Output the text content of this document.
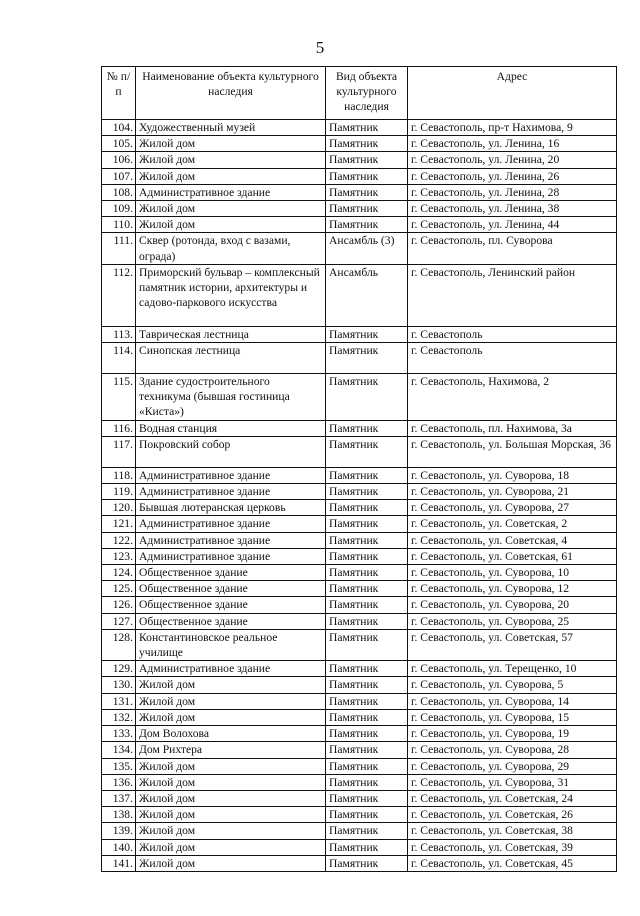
5
№ п/п	Наименование объекта культурного наследия	Вид объекта культурного наследия	Адрес
104.	Художественный музей	Памятник	г. Севастополь, пр-т Нахимова, 9
105.	Жилой дом	Памятник	г. Севастополь, ул. Ленина, 16
106.	Жилой дом	Памятник	г. Севастополь, ул. Ленина, 20
107.	Жилой дом	Памятник	г. Севастополь, ул. Ленина, 26
108.	Административное здание	Памятник	г. Севастополь, ул. Ленина, 28
109.	Жилой дом	Памятник	г. Севастополь, ул. Ленина, 38
110.	Жилой дом	Памятник	г. Севастополь, ул. Ленина, 44
111.	Сквер (ротонда, вход с вазами, ограда)	Ансамбль (3)	г. Севастополь, пл. Суворова
112.	Приморский бульвар – комплексный памятник истории, архитектуры и садово-паркового искусства	Ансамбль	г. Севастополь, Ленинский район
113.	Таврическая лестница	Памятник	г. Севастополь
114.	Синопская лестница	Памятник	г. Севастополь
115.	Здание судостроительного техникума (бывшая гостиница «Киста»)	Памятник	г. Севастополь, Нахимова, 2
116.	Водная станция	Памятник	г. Севастополь, пл. Нахимова, 3а
117.	Покровский собор	Памятник	г. Севастополь, ул. Большая Морская, 36
118.	Административное здание	Памятник	г. Севастополь, ул. Суворова, 18
119.	Административное здание	Памятник	г. Севастополь, ул. Суворова, 21
120.	Бывшая лютеранская церковь	Памятник	г. Севастополь, ул. Суворова, 27
121.	Административное здание	Памятник	г. Севастополь, ул. Советская, 2
122.	Административное здание	Памятник	г. Севастополь, ул. Советская, 4
123.	Административное здание	Памятник	г. Севастополь, ул. Советская, 61
124.	Общественное здание	Памятник	г. Севастополь, ул. Суворова, 10
125.	Общественное здание	Памятник	г. Севастополь, ул. Суворова, 12
126.	Общественное здание	Памятник	г. Севастополь, ул. Суворова, 20
127.	Общественное здание	Памятник	г. Севастополь, ул. Суворова, 25
128.	Константиновское реальное училище	Памятник	г. Севастополь, ул. Советская, 57
129.	Административное здание	Памятник	г. Севастополь, ул. Терещенко, 10
130.	Жилой дом	Памятник	г. Севастополь, ул. Суворова, 5
131.	Жилой дом	Памятник	г. Севастополь, ул. Суворова, 14
132.	Жилой дом	Памятник	г. Севастополь, ул. Суворова, 15
133.	Дом Волохова	Памятник	г. Севастополь, ул. Суворова, 19
134.	Дом Рихтера	Памятник	г. Севастополь, ул. Суворова, 28
135.	Жилой дом	Памятник	г. Севастополь, ул. Суворова, 29
136.	Жилой дом	Памятник	г. Севастополь, ул. Суворова, 31
137.	Жилой дом	Памятник	г. Севастополь, ул. Советская, 24
138.	Жилой дом	Памятник	г. Севастополь, ул. Советская, 26
139.	Жилой дом	Памятник	г. Севастополь, ул. Советская, 38
140.	Жилой дом	Памятник	г. Севастополь, ул. Советская, 39
141.	Жилой дом	Памятник	г. Севастополь, ул. Советская, 45
